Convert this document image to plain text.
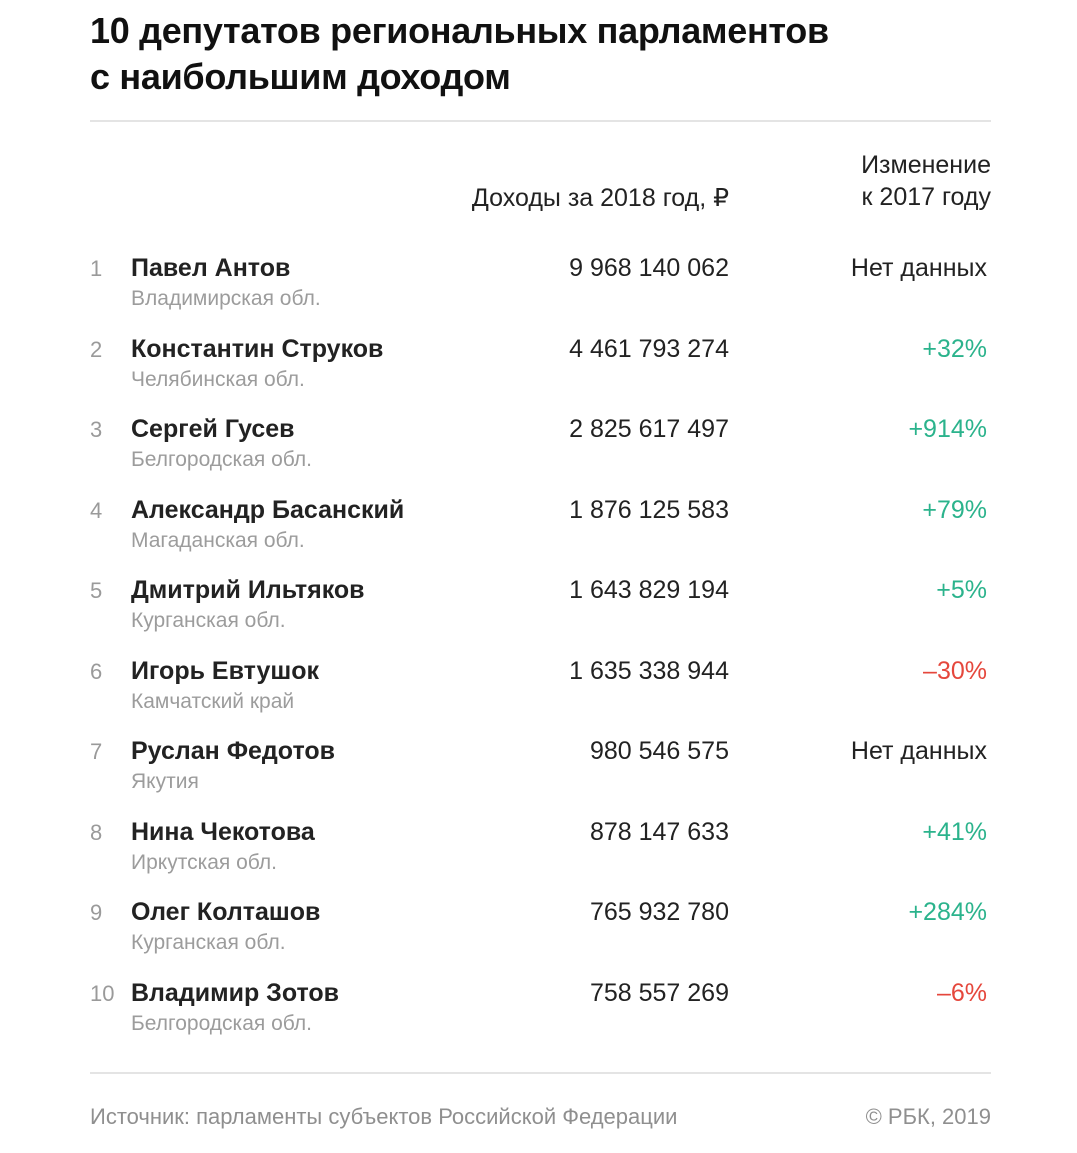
10 депутатов региональных парламентов
с наибольшим доходом
Доходы за 2018 год, ₽
Изменение
к 2017 году
1	Павел Антов
Владимирская обл.
9 968 140 062	Нет данных
2	Константин Струков
Челябинская обл.
4 461 793 274	+32%
3	Сергей Гусев
Белгородская обл.
2 825 617 497	+914%
4	Александр Басанский
Магаданская обл.
1 876 125 583	+79%
5	Дмитрий Ильтяков
Курганская обл.
1 643 829 194	+5%
6	Игорь Евтушок
Камчатский край
1 635 338 944	–30%
7	Руслан Федотов
Якутия
980 546 575	Нет данных
8	Нина Чекотова
Иркутская обл.
878 147 633	+41%
9	Олег Колташов
Курганская обл.
765 932 780	+284%
10 Владимир Зотов
Белгородская обл.
758 557 269	–6%
Источник: парламенты субъектов Российской Федерации	© РБК, 2019
